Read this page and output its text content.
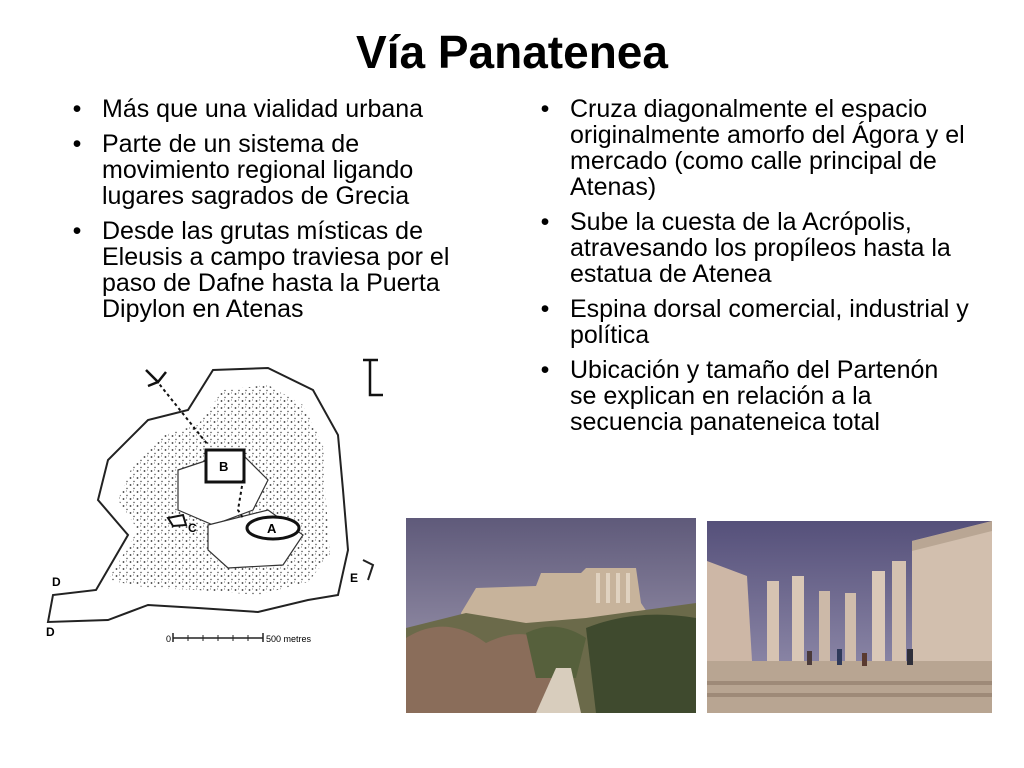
Vía Panatenea
• Más que una vialidad urbana
• Parte de un sistema de movimiento regional ligando lugares sagrados de Grecia
• Desde las grutas místicas de Eleusis a campo traviesa por el paso de Dafne hasta la Puerta Dipylon en Atenas
• Cruza diagonalmente el espacio originalmente amorfo del Ágora y el mercado (como calle principal de Atenas)
• Sube la cuesta de la Acrópolis, atravesando los propíleos hasta la estatua de Atenea
• Espina dorsal comercial, industrial y política
• Ubicación y tamaño del Partenón se explican en relación a la secuencia panateneica total
B
A
C
D
D
E
0	500 metres
